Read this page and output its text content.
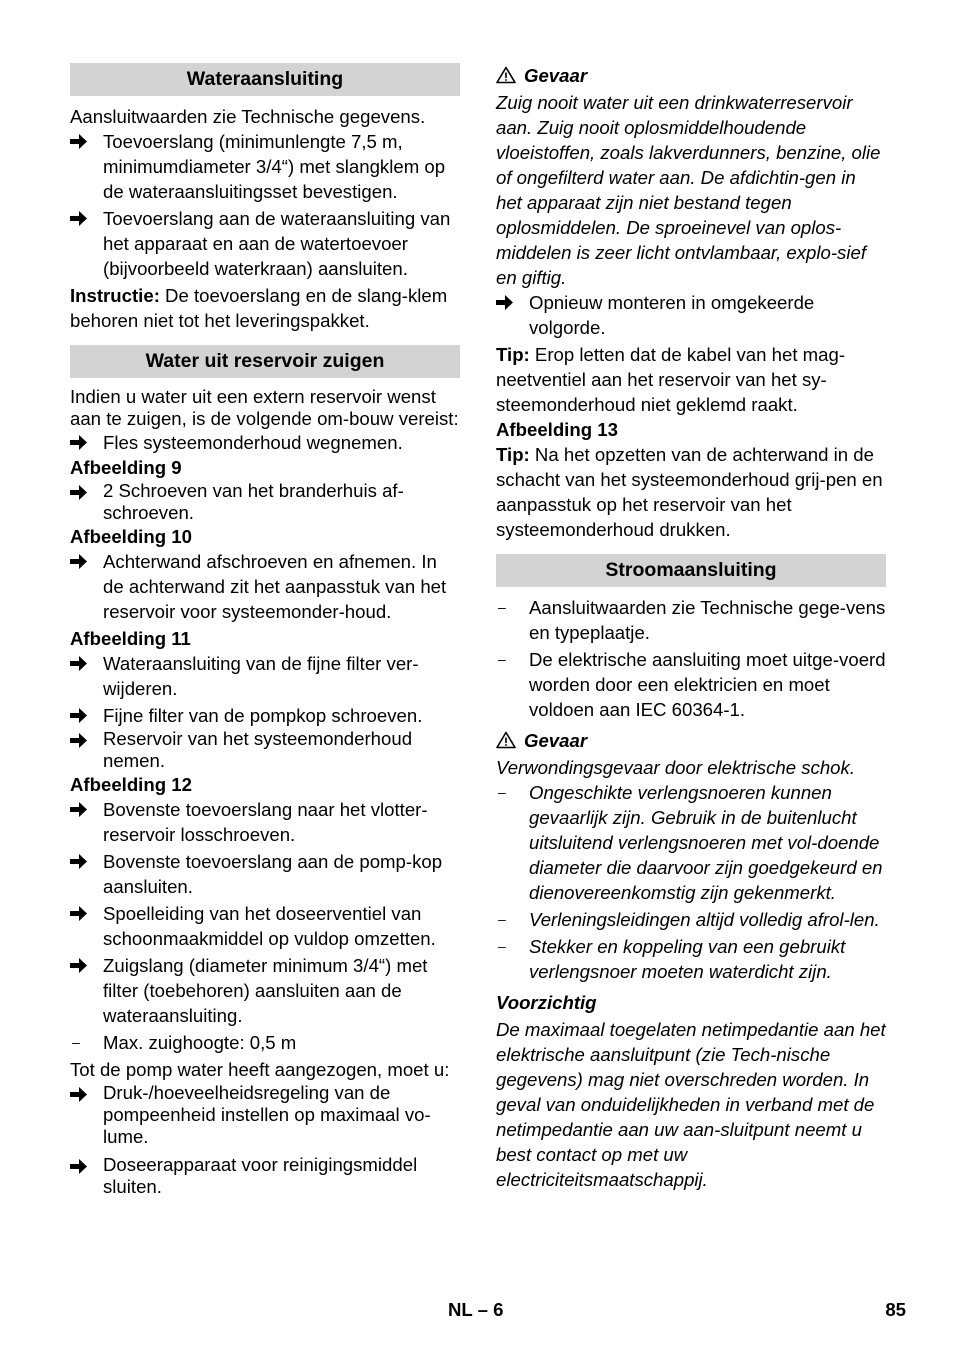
Wateraansluiting

Aansluitwaarden zie Technische gegevens.

Toevoerslang (minimunlengte 7,5 m, minimumdiameter 3/4“) met slangklem op de wateraansluitingsset bevestigen.
Toevoerslang aan de wateraansluiting van het apparaat en aan de watertoevoer (bijvoorbeeld waterkraan) aansluiten.

Instructie: De toevoerslang en de slang-klem behoren niet tot het leveringspakket.

Water uit reservoir zuigen

Indien u water uit een extern reservoir wenst aan te zuigen, is de volgende om-bouw vereist:

Fles systeemonderhoud wegnemen.

Afbeelding 9

2 Schroeven van het branderhuis af-schroeven.

Afbeelding 10

Achterwand afschroeven en afnemen. In de achterwand zit het aanpasstuk van het reservoir voor systeemonder-houd.

Afbeelding 11

Wateraansluiting van de fijne filter ver-wijderen.
Fijne filter van de pompkop schroeven.
Reservoir van het systeemonderhoud nemen.

Afbeelding 12

Bovenste toevoerslang naar het vlotter-reservoir losschroeven.
Bovenste toevoerslang aan de pomp-kop aansluiten.
Spoelleiding van het doseerventiel van schoonmaakmiddel op vuldop omzetten.
Zuigslang (diameter minimum 3/4“) met filter (toebehoren) aansluiten aan de wateraansluiting.
–	Max. zuighoogte: 0,5 m

Tot de pomp water heeft aangezogen, moet u:

Druk-/hoeveelheidsregeling van de pompeenheid instellen op maximaal vo-lume.
Doseerapparaat voor reinigingsmiddel sluiten.

Gevaar

Zuig nooit water uit een drinkwaterreservoir aan. Zuig nooit oplosmiddelhoudende vloeistoffen, zoals lakverdunners, benzine, olie of ongefilterd water aan. De afdichtin-gen in het apparaat zijn niet bestand tegen oplosmiddelen. De sproeinevel van oplos-middelen is zeer licht ontvlambaar, explo-sief en giftig.

Opnieuw monteren in omgekeerde volgorde.

Tip: Erop letten dat de kabel van het mag-neetventiel aan het reservoir van het sy-steemonderhoud niet geklemd raakt.

Afbeelding 13

Tip: Na het opzetten van de achterwand in de schacht van het systeemonderhoud grij-pen en aanpasstuk op het reservoir van het systeemonderhoud drukken.

Stroomaansluiting
–	Aansluitwaarden zie Technische gege-vens en typeplaatje.
–	De elektrische aansluiting moet uitge-voerd worden door een elektricien en moet voldoen aan IEC 60364-1.

Gevaar

Verwondingsgevaar door elektrische schok.

–	Ongeschikte verlengsnoeren kunnen gevaarlijk zijn. Gebruik in de buitenlucht uitsluitend verlengsnoeren met vol-doende diameter die daarvoor zijn goedgekeurd en dienovereenkomstig zijn gekenmerkt.
–	Verleningsleidingen altijd volledig afrol-len.
–	Stekker en koppeling van een gebruikt verlengsnoer moeten waterdicht zijn.

Voorzichtig

De maximaal toegelaten netimpedantie aan het elektrische aansluitpunt (zie Tech-nische gegevens) mag niet overschreden worden. In geval van onduidelijkheden in verband met de netimpedantie aan uw aan-sluitpunt neemt u best contact op met uw electriciteitsmaatschappij.

NL – 6	85
